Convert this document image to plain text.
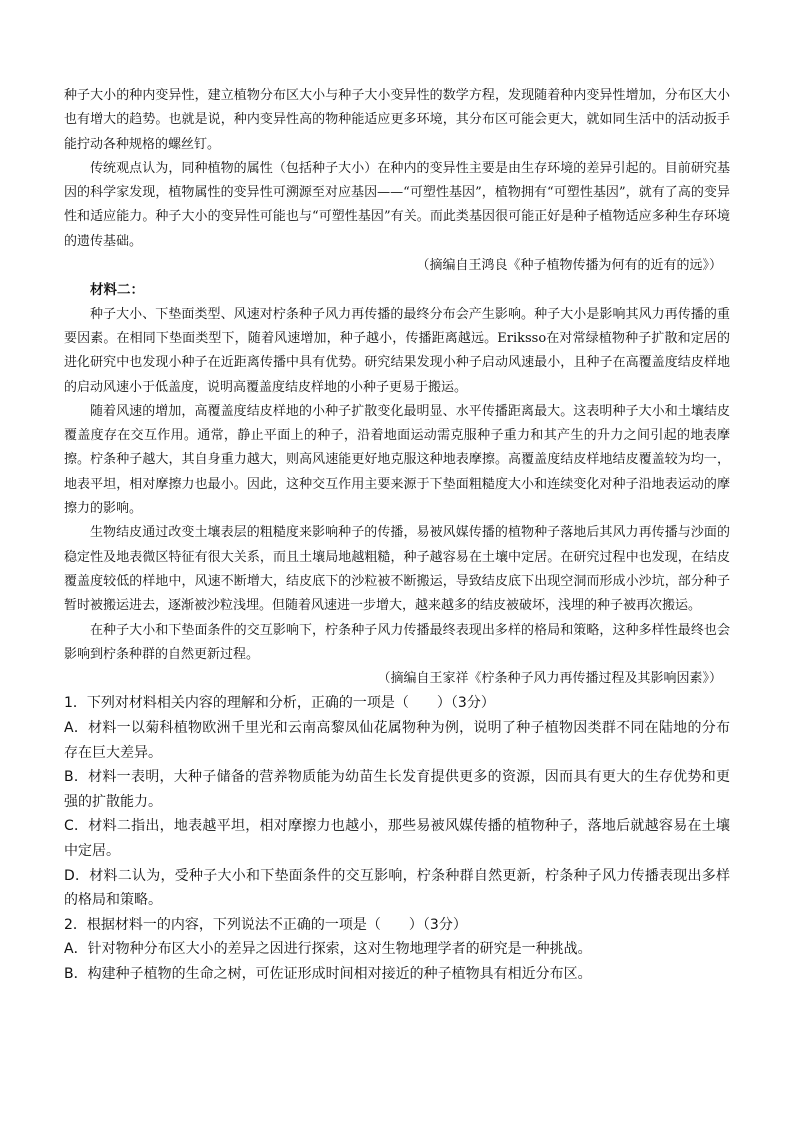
种子大小的种内变异性，建立植物分布区大小与种子大小变异性的数学方程，发现随着种内变异性增加，分布区大小也有增大的趋势。也就是说，种内变异性高的物种能适应更多环境，其分布区可能会更大，就如同生活中的活动扳手能拧动各种规格的螺丝钉。

传统观点认为，同种植物的属性（包括种子大小）在种内的变异性主要是由生存环境的差异引起的。目前研究基因的科学家发现，植物属性的变异性可溯源至对应基因——“可塑性基因”，植物拥有“可塑性基因”，就有了高的变异性和适应能力。种子大小的变异性可能也与“可塑性基因”有关。而此类基因很可能正好是种子植物适应多种生存环境的遗传基础。

（摘编自王鸿良《种子植物传播为何有的近有的远》）

材料二：

种子大小、下垫面类型、风速对柠条种子风力再传播的最终分布会产生影响。种子大小是影响其风力再传播的重要因素。在相同下垫面类型下，随着风速增加，种子越小，传播距离越远。Eriksso在对常绿植物种子扩散和定居的进化研究中也发现小种子在近距离传播中具有优势。研究结果发现小种子启动风速最小，且种子在高覆盖度结皮样地的启动风速小于低盖度，说明高覆盖度结皮样地的小种子更易于搬运。

随着风速的增加，高覆盖度结皮样地的小种子扩散变化最明显、水平传播距离最大。这表明种子大小和土壤结皮覆盖度存在交互作用。通常，静止平面上的种子，沿着地面运动需克服种子重力和其产生的升力之间引起的地表摩擦。柠条种子越大，其自身重力越大，则高风速能更好地克服这种地表摩擦。高覆盖度结皮样地结皮覆盖较为均一，地表平坦，相对摩擦力也最小。因此，这种交互作用主要来源于下垫面粗糙度大小和连续变化对种子沿地表运动的摩擦力的影响。

生物结皮通过改变土壤表层的粗糙度来影响种子的传播，易被风媒传播的植物种子落地后其风力再传播与沙面的稳定性及地表微区特征有很大关系，而且土壤局地越粗糙，种子越容易在土壤中定居。在研究过程中也发现，在结皮覆盖度较低的样地中，风速不断增大，结皮底下的沙粒被不断搬运，导致结皮底下出现空洞而形成小沙坑，部分种子暂时被搬运进去，逐渐被沙粒浅埋。但随着风速进一步增大，越来越多的结皮被破坏，浅埋的种子被再次搬运。

在种子大小和下垫面条件的交互影响下，柠条种子风力传播最终表现出多样的格局和策略，这种多样性最终也会影响到柠条种群的自然更新过程。

（摘编自王家祥《柠条种子风力再传播过程及其影响因素》）

1．下列对材料相关内容的理解和分析，正确的一项是（　　）（3分）

A．材料一以菊科植物欧洲千里光和云南高黎凤仙花属物种为例，说明了种子植物因类群不同在陆地的分布存在巨大差异。

B．材料一表明，大种子储备的营养物质能为幼苗生长发育提供更多的资源，因而具有更大的生存优势和更强的扩散能力。

C．材料二指出，地表越平坦，相对摩擦力也越小，那些易被风媒传播的植物种子，落地后就越容易在土壤中定居。

D．材料二认为，受种子大小和下垫面条件的交互影响，柠条种群自然更新，柠条种子风力传播表现出多样的格局和策略。

2．根据材料一的内容，下列说法不正确的一项是（　　）（3分）

A．针对物种分布区大小的差异之因进行探索，这对生物地理学者的研究是一种挑战。

B．构建种子植物的生命之树，可佐证形成时间相对接近的种子植物具有相近分布区。
